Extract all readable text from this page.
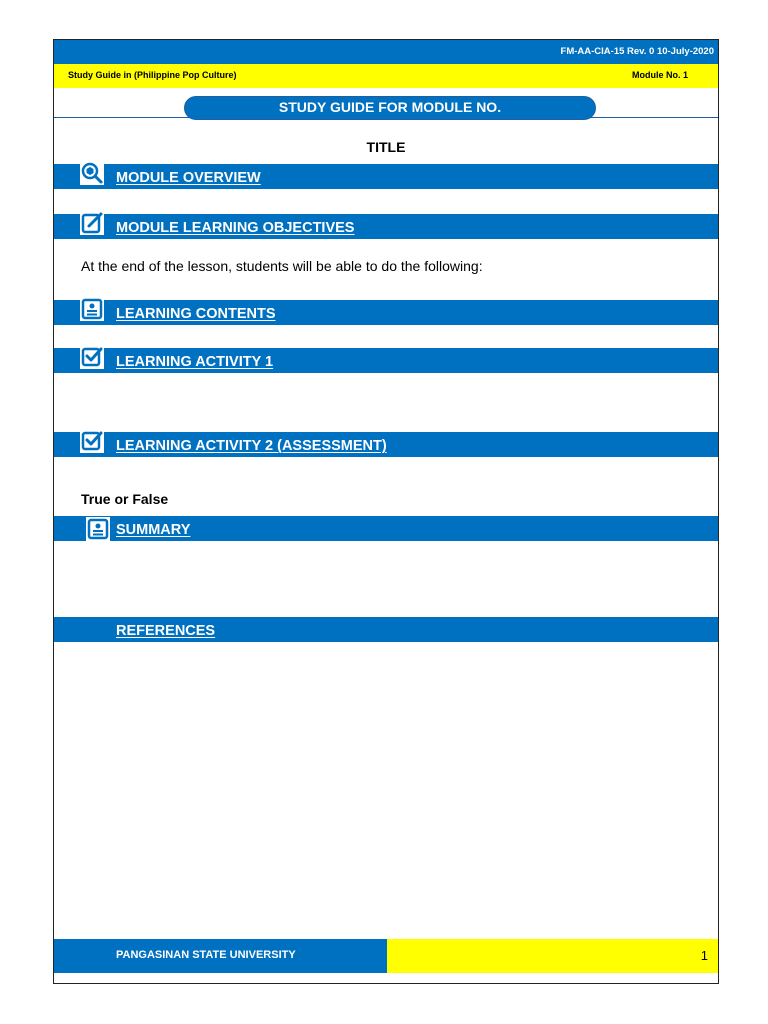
FM-AA-CIA-15 Rev. 0 10-July-2020
Study Guide in (Philippine Pop Culture)	Module No. 1
STUDY GUIDE FOR MODULE NO.
TITLE
MODULE OVERVIEW
MODULE LEARNING OBJECTIVES
At the end of the lesson, students will be able to do the following:
LEARNING CONTENTS
LEARNING ACTIVITY 1
LEARNING ACTIVITY 2 (ASSESSMENT)
True or False
SUMMARY
REFERENCES
PANGASINAN STATE UNIVERSITY	1
